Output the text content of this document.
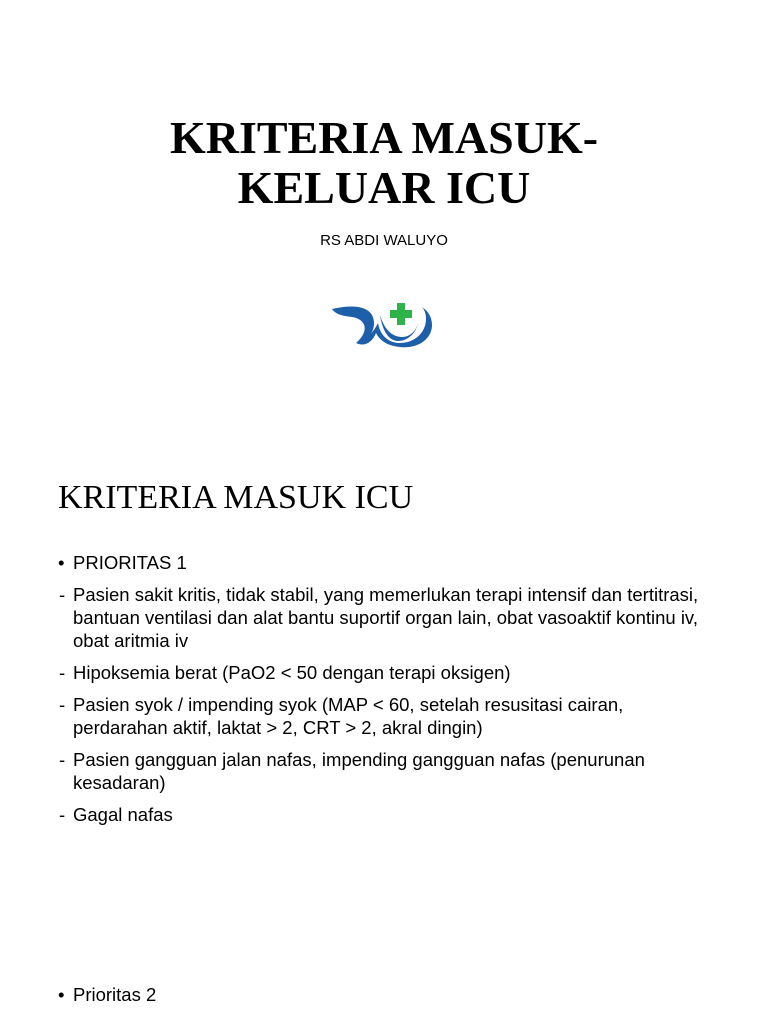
KRITERIA MASUK-
KELUAR ICU
RS ABDI WALUYO
KRITERIA MASUK ICU
• PRIORITAS 1
- Pasien sakit kritis, tidak stabil, yang memerlukan terapi intensif dan tertitrasi, bantuan ventilasi dan alat bantu suportif organ lain, obat vasoaktif kontinu iv, obat aritmia iv
- Hipoksemia berat (PaO2 < 50 dengan terapi oksigen)
- Pasien syok / impending syok (MAP < 60, setelah resusitasi cairan, perdarahan aktif, laktat > 2, CRT > 2, akral dingin)
- Pasien gangguan jalan nafas, impending gangguan nafas (penurunan kesadaran)
- Gagal nafas
• Prioritas 2
